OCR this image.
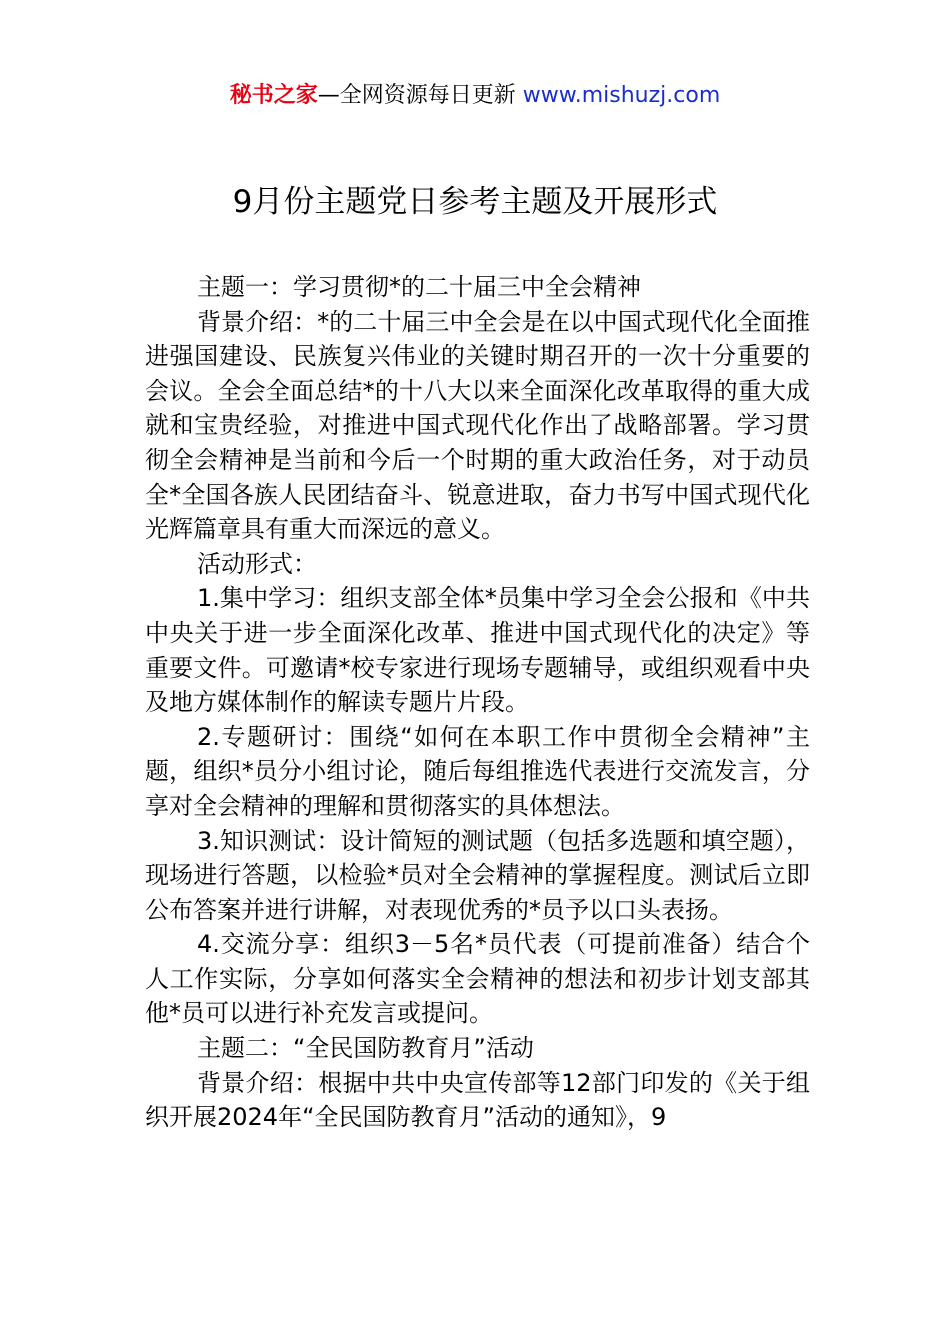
秘书之家—全网资源每日更新 www.mishuzj.com
9月份主题党日参考主题及开展形式

主题一：学习贯彻*的二十届三中全会精神

背景介绍：*的二十届三中全会是在以中国式现代化全面推进强国建设、民族复兴伟业的关键时期召开的一次十分重要的会议。全会全面总结*的十八大以来全面深化改革取得的重大成就和宝贵经验，对推进中国式现代化作出了战略部署。学习贯彻全会精神是当前和今后一个时期的重大政治任务，对于动员全*全国各族人民团结奋斗、锐意进取，奋力书写中国式现代化光辉篇章具有重大而深远的意义。

活动形式：

1.集中学习：组织支部全体*员集中学习全会公报和《中共中央关于进一步全面深化改革、推进中国式现代化的决定》等重要文件。可邀请*校专家进行现场专题辅导，或组织观看中央及地方媒体制作的解读专题片片段。

2.专题研讨：围绕“如何在本职工作中贯彻全会精神”主题，组织*员分小组讨论，随后每组推选代表进行交流发言，分享对全会精神的理解和贯彻落实的具体想法。

3.知识测试：设计简短的测试题（包括多选题和填空题），现场进行答题，以检验*员对全会精神的掌握程度。测试后立即公布答案并进行讲解，对表现优秀的*员予以口头表扬。

4.交流分享：组织3－5名*员代表（可提前准备）结合个人工作实际，分享如何落实全会精神的想法和初步计划支部其他*员可以进行补充发言或提问。

主题二：“全民国防教育月”活动

背景介绍：根据中共中央宣传部等12部门印发的《关于组织开展2024年“全民国防教育月”活动的通知》，9
